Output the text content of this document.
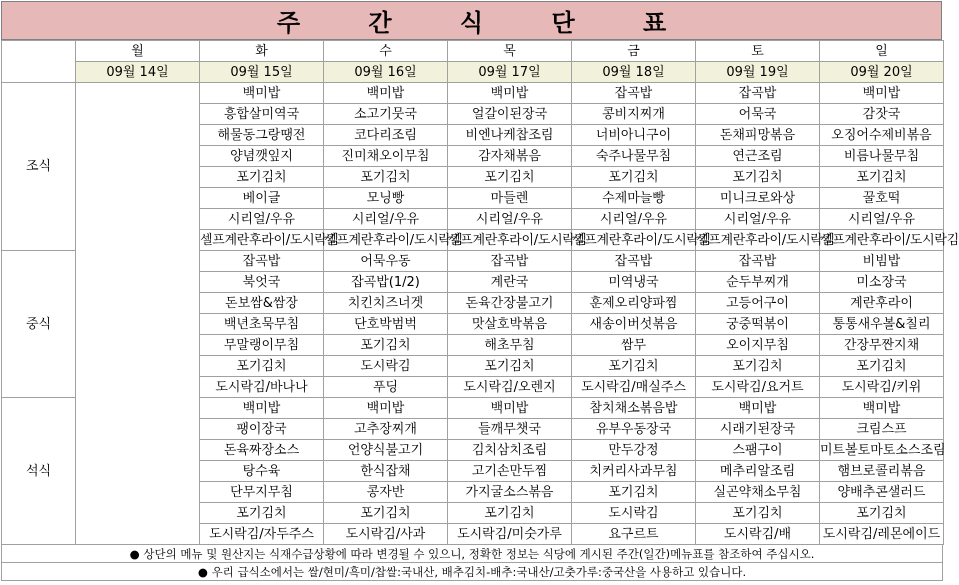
주 간 식 단 표
	월	화	수	목	금	토	일
	09월 14일	09월 15일	09월 16일	09월 17일	09월 18일	09월 19일	09월 20일
조식		백미밥	백미밥	백미밥	잡곡밥	잡곡밥	백미밥
		흥합살미역국	소고기뭇국	얼갈이된장국	콩비지찌개	어묵국	감잣국
		해물동그랑땡전	코다리조림	비엔나케찹조림	너비아니구이	돈채피망볶음	오징어수제비볶음
		양념깻잎지	진미채오이무침	감자채볶음	숙주나물무침	연근조림	비름나물무침
		포기김치	포기김치	포기김치	포기김치	포기김치	포기김치
		베이글	모닝빵	마들렌	수제마늘빵	미니크로와상	꿀호떡
		시리얼/우유	시리얼/우유	시리얼/우유	시리얼/우유	시리얼/우유	시리얼/우유
		셀프계란후라이/도시락김	셀프계란후라이/도시락김	셀프계란후라이/도시락김	셀프계란후라이/도시락김	셀프계란후라이/도시락김	셀프계란후라이/도시락김
중식		잡곡밥	어묵우동	잡곡밥	잡곡밥	잡곡밥	비빔밥
		북엇국	잡곡밥(1/2)	계란국	미역냉국	순두부찌개	미소장국
		돈보쌈&쌈장	치킨치즈너겟	돈육간장불고기	훈제오리양파찜	고등어구이	계란후라이
		백년초묵무침	단호박범벅	맛살호박볶음	새송이버섯볶음	궁중떡볶이	통통새우볼&칠리
		무말랭이무침	포기김치	해초무침	쌈무	오이지무침	간장무짠지채
		포기김치	도시락김	포기김치	포기김치	포기김치	포기김치
		도시락김/바나나	푸딩	도시락김/오렌지	도시락김/매실주스	도시락김/요거트	도시락김/키위
석식		백미밥	백미밥	백미밥	참치채소볶음밥	백미밥	백미밥
		팽이장국	고추장찌개	들깨무챗국	유부우동장국	시래기된장국	크림스프
		돈육짜장소스	언양식불고기	김치삼치조림	만두강정	스팸구이	미트볼토마토소스조림
		탕수육	한식잡채	고기손만두찜	치커리사과무침	메추리알조림	햄브로콜리볶음
		단무지무침	콩자반	가지굴소스볶음	포기김치	실곤약채소무침	양배추콘샐러드
		포기김치	포기김치	포기김치	도시락김	포기김치	포기김치
		도시락김/자두주스	도시락김/사과	도시락김/미숫가루	요구르트	도시락김/배	도시락김/레몬에이드
● 상단의 메뉴 및 원산지는 식재수급상황에 따라 변경될 수 있으니, 정확한 정보는 식당에 게시된 주간(일간)메뉴표를 참조하여 주십시오.
● 우리 급식소에서는 쌀/현미/흑미/찹쌀:국내산, 배추김치-배추:국내산/고춧가루:중국산을 사용하고 있습니다.
